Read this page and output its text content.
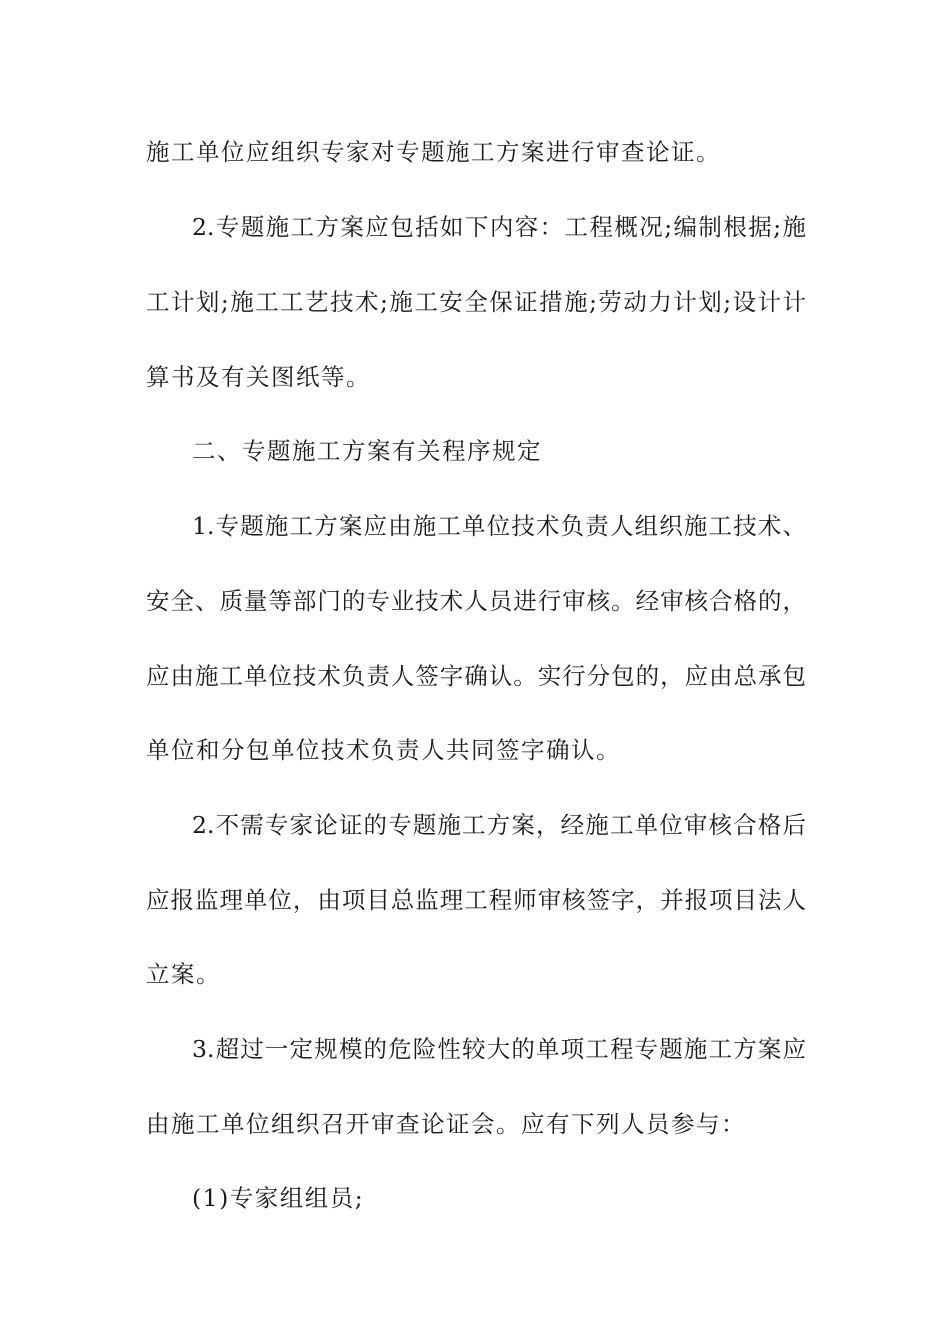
施工单位应组织专家对专题施工方案进行审查论证。
2.专题施工方案应包括如下内容：工程概况;编制根据;施
工计划;施工工艺技术;施工安全保证措施;劳动力计划;设计计
算书及有关图纸等。
二、专题施工方案有关程序规定
1.专题施工方案应由施工单位技术负责人组织施工技术、
安全、质量等部门的专业技术人员进行审核。经审核合格的，
应由施工单位技术负责人签字确认。实行分包的，应由总承包
单位和分包单位技术负责人共同签字确认。
2.不需专家论证的专题施工方案，经施工单位审核合格后
应报监理单位，由项目总监理工程师审核签字，并报项目法人
立案。
3.超过一定规模的危险性较大的单项工程专题施工方案应
由施工单位组织召开审查论证会。应有下列人员参与：
(1)专家组组员;
